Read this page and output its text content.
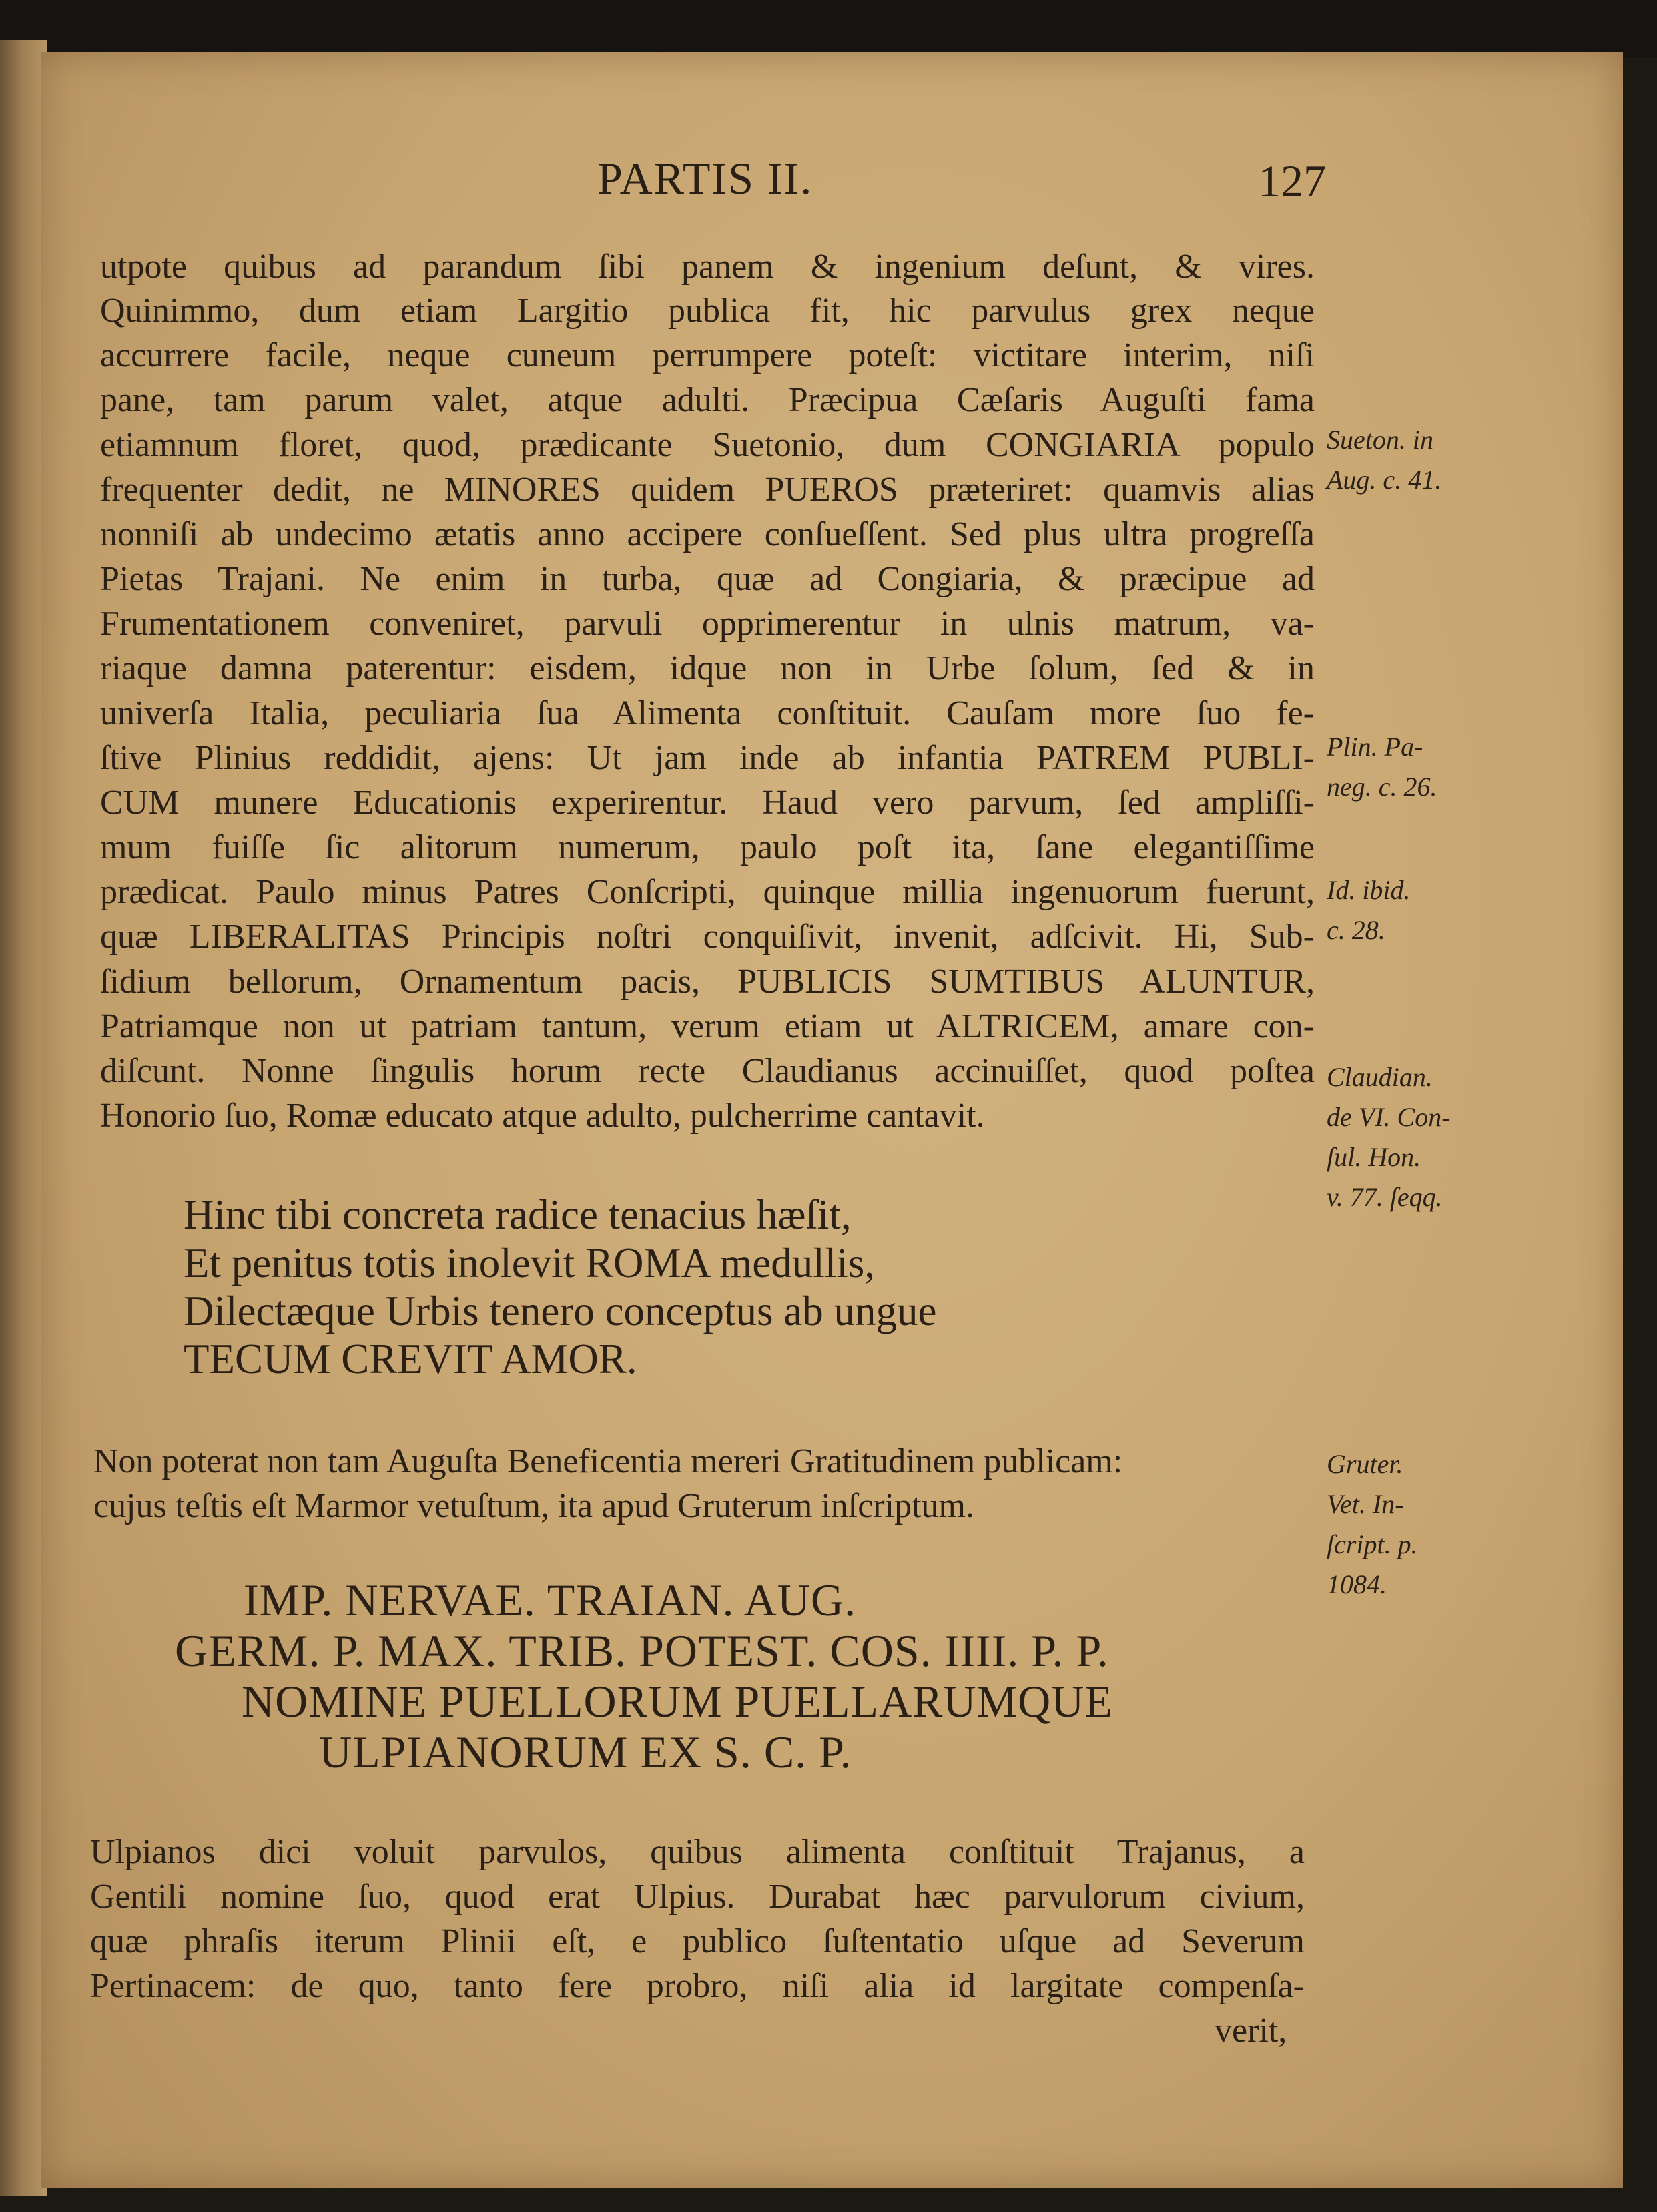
PARTIS II.	127
utpote quibus ad parandum ſibi panem & ingenium deſunt, & vires.
Quinimmo, dum etiam Largitio publica fit, hic parvulus grex neque
accurrere facile, neque cuneum perrumpere poteſt: victitare interim, niſi
pane, tam parum valet, atque adulti. Præcipua Cæſaris Auguſti fama
etiamnum floret, quod, prædicante Suetonio, dum CONGIARIA populo
frequenter dedit, ne MINORES quidem PUEROS præteriret: quamvis alias
nonniſi ab undecimo ætatis anno accipere conſueſſent. Sed plus ultra progreſſa
Pietas Trajani. Ne enim in turba, quæ ad Congiaria, & præcipue ad
Frumentationem conveniret, parvuli opprimerentur in ulnis matrum, va-
riaque damna paterentur: eisdem, idque non in Urbe ſolum, ſed & in
univerſa Italia, peculiaria ſua Alimenta conſtituit. Cauſam more ſuo fe-
ſtive Plinius reddidit, ajens: Ut jam inde ab infantia PATREM PUBLI-
CUM munere Educationis experirentur. Haud vero parvum, ſed ampliſſi-
mum fuiſſe ſic alitorum numerum, paulo poſt ita, ſane elegantiſſime
prædicat. Paulo minus Patres Conſcripti, quinque millia ingenuorum fuerunt,
quæ LIBERALITAS Principis noſtri conquiſivit, invenit, adſcivit. Hi, Sub-
ſidium bellorum, Ornamentum pacis, PUBLICIS SUMTIBUS ALUNTUR,
Patriamque non ut patriam tantum, verum etiam ut ALTRICEM, amare con-
diſcunt. Nonne ſingulis horum recte Claudianus accinuiſſet, quod poſtea
Honorio ſuo, Romæ educato atque adulto, pulcherrime cantavit.
Hinc tibi concreta radice tenacius hæſit,
Et penitus totis inolevit ROMA medullis,
Dilectæque Urbis tenero conceptus ab ungue
TECUM CREVIT AMOR.
Non poterat non tam Auguſta Beneficentia mereri Gratitudinem publicam:
cujus teſtis eſt Marmor vetuſtum, ita apud Gruterum inſcriptum.
IMP. NERVAE. TRAIAN. AUG.
GERM. P. MAX. TRIB. POTEST. COS. IIII. P. P.
NOMINE PUELLORUM PUELLARUMQUE
ULPIANORUM EX S. C. P.
Ulpianos dici voluit parvulos, quibus alimenta conſtituit Trajanus, a
Gentili nomine ſuo, quod erat Ulpius. Durabat hæc parvulorum civium,
quæ phraſis iterum Plinii eſt, e publico ſuſtentatio uſque ad Severum
Pertinacem: de quo, tanto fere probro, niſi alia id largitate compenſa-
verit,
Sueton. in
Aug. c. 41.
Plin. Pa-
neg. c. 26.
Id. ibid.
c. 28.
Claudian.
de VI. Con-
ſul. Hon.
v. 77. ſeqq.
Gruter.
Vet. In-
ſcript. p.
1084.
